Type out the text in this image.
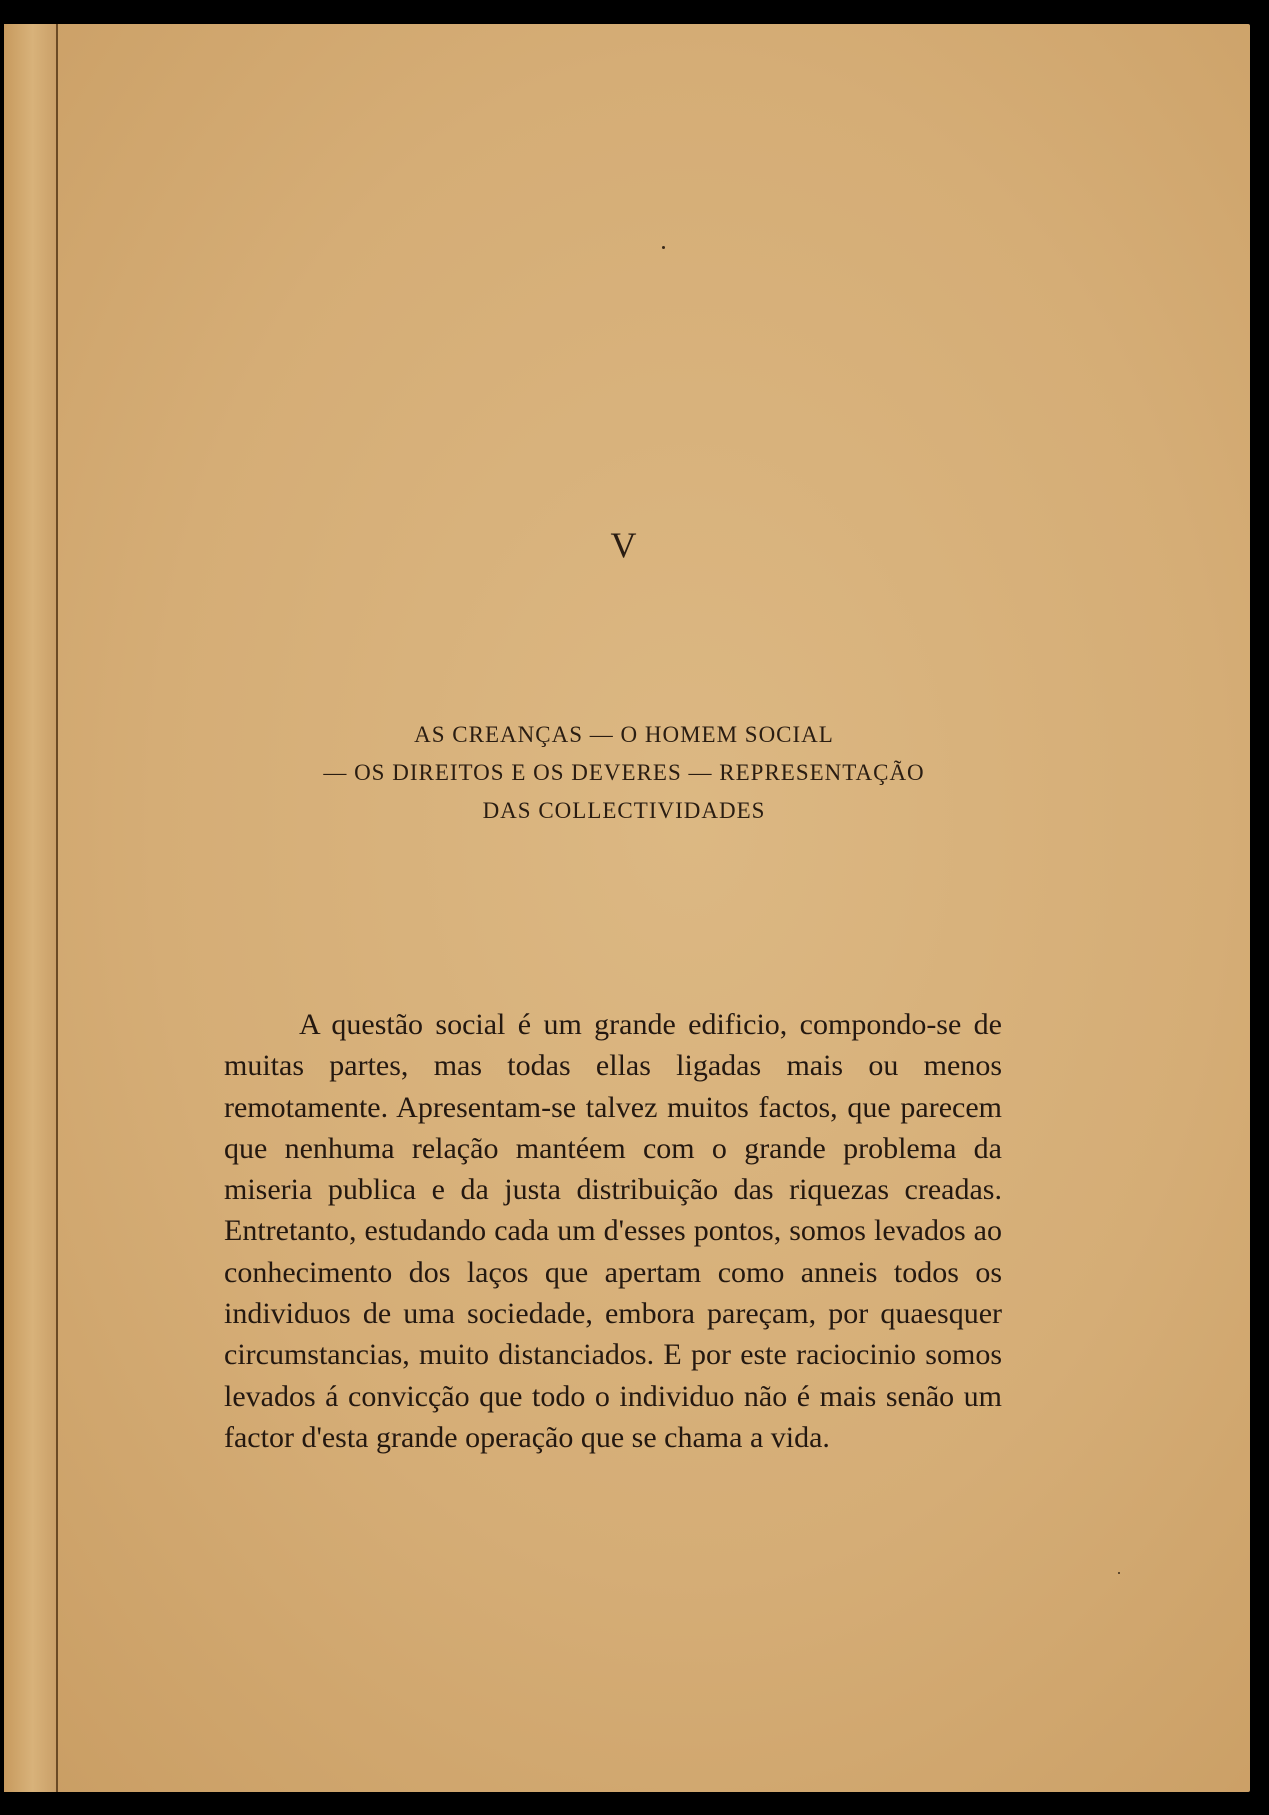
V
AS CREANÇAS — O HOMEM SOCIAL
— OS DIREITOS E OS DEVERES — REPRESENTAÇÃO
DAS COLLECTIVIDADES

A questão social é um grande edificio, compondo-se de muitas partes, mas todas ellas ligadas mais ou menos remotamente. Apresentam-se talvez muitos factos, que parecem que nenhuma relação mantéem com o grande problema da miseria publica e da justa distribuição das riquezas creadas. Entretanto, estudando cada um d'esses pontos, somos levados ao conhecimento dos laços que apertam como anneis todos os individuos de uma sociedade, embora pareçam, por quaesquer circumstancias, muito distanciados. E por este raciocinio somos levados á convicção que todo o individuo não é mais senão um factor d'esta grande operação que se chama a vida.
